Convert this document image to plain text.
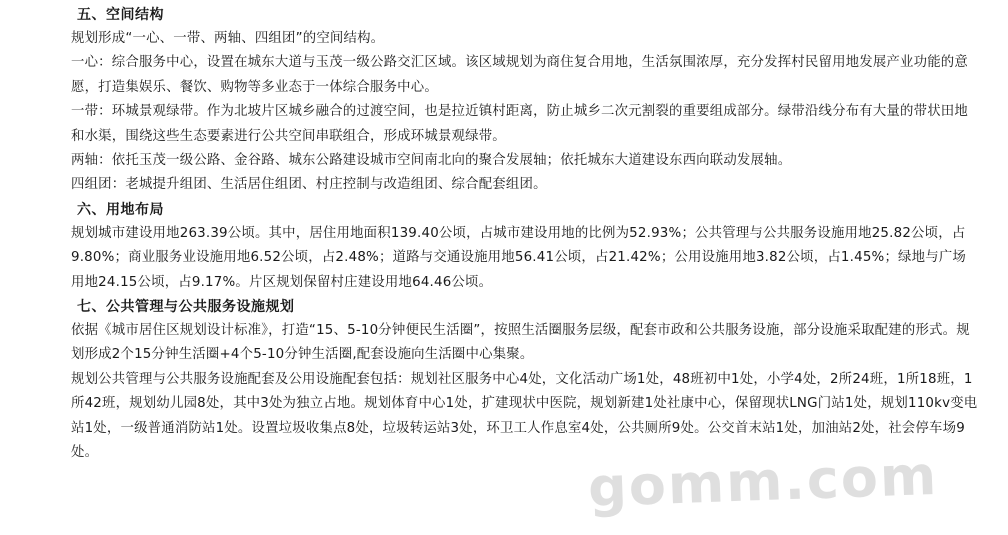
五、空间结构

规划形成“一心、一带、两轴、四组团”的空间结构。

一心：综合服务中心，设置在城东大道与玉茂一级公路交汇区域。该区域规划为商住复合用地，生活氛围浓厚，充分发挥村民留用地发展产业功能的意愿，打造集娱乐、餐饮、购物等多业态于一体综合服务中心。

一带：环城景观绿带。作为北坡片区城乡融合的过渡空间，也是拉近镇村距离，防止城乡二次元割裂的重要组成部分。绿带沿线分布有大量的带状田地和水渠，围绕这些生态要素进行公共空间串联组合，形成环城景观绿带。

两轴：依托玉茂一级公路、金谷路、城东公路建设城市空间南北向的聚合发展轴；依托城东大道建设东西向联动发展轴。

四组团：老城提升组团、生活居住组团、村庄控制与改造组团、综合配套组团。

六、用地布局

规划城市建设用地263.39公顷。其中，居住用地面积139.40公顷，占城市建设用地的比例为52.93%；公共管理与公共服务设施用地25.82公顷，占9.80%；商业服务业设施用地6.52公顷，占2.48%；道路与交通设施用地56.41公顷，占21.42%；公用设施用地3.82公顷，占1.45%；绿地与广场用地24.15公顷，占9.17%。片区规划保留村庄建设用地64.46公顷。

七、公共管理与公共服务设施规划

依据《城市居住区规划设计标准》，打造“15、5-10分钟便民生活圈”，按照生活圈服务层级，配套市政和公共服务设施，部分设施采取配建的形式。规划形成2个15分钟生活圈+4个5-10分钟生活圈,配套设施向生活圈中心集聚。

规划公共管理与公共服务设施配套及公用设施配套包括：规划社区服务中心4处，文化活动广场1处，48班初中1处，小学4处，2所24班，1所18班，1所42班，规划幼儿园8处，其中3处为独立占地。规划体育中心1处，扩建现状中医院，规划新建1处社康中心，保留现状LNG门站1处，规划110kv变电站1处，一级普通消防站1处。设置垃圾收集点8处，垃圾转运站3处，环卫工人作息室4处，公共厕所9处。公交首末站1处，加油站2处，社会停车场9处。	gomm.com
